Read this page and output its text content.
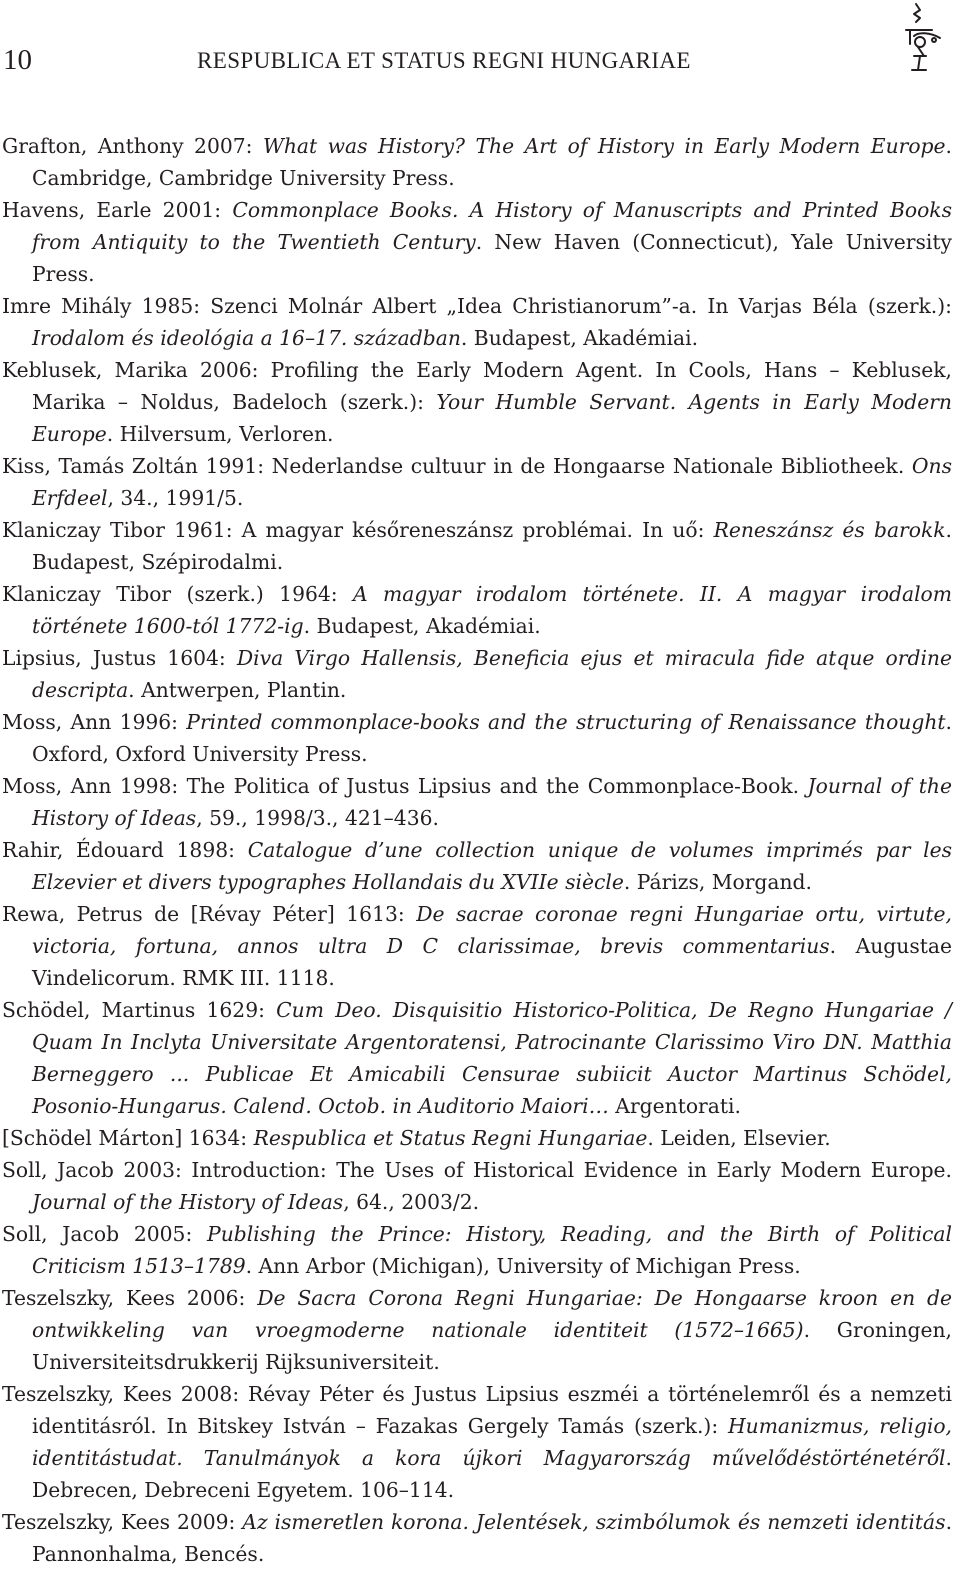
10	RESPUBLICA ET STATUS REGNI HUNGARIAE
Grafton, Anthony 2007: What was History? The Art of History in Early Modern Europe. Cambridge, Cambridge University Press.
Havens, Earle 2001: Commonplace Books. A History of Manuscripts and Printed Books from Antiquity to the Twentieth Century. New Haven (Connecticut), Yale University Press.
Imre Mihály 1985: Szenci Molnár Albert „Idea Christianorum”-a. In Varjas Béla (szerk.): Irodalom és ideológia a 16–17. században. Budapest, Akadémiai.
Keblusek, Marika 2006: Profiling the Early Modern Agent. In Cools, Hans – Keblusek, Marika – Noldus, Badeloch (szerk.): Your Humble Servant. Agents in Early Modern Europe. Hilversum, Verloren.
Kiss, Tamás Zoltán 1991: Nederlandse cultuur in de Hongaarse Nationale Bibliotheek. Ons Erfdeel, 34., 1991/5.
Klaniczay Tibor 1961: A magyar későreneszánsz problémai. In uő: Reneszánsz és barokk. Budapest, Szépirodalmi.
Klaniczay Tibor (szerk.) 1964: A magyar irodalom története. II. A magyar irodalom története 1600-tól 1772-ig. Budapest, Akadémiai.
Lipsius, Justus 1604: Diva Virgo Hallensis, Beneficia ejus et miracula fide atque ordine descripta. Antwerpen, Plantin.
Moss, Ann 1996: Printed commonplace-books and the structuring of Renaissance thought. Oxford, Oxford University Press.
Moss, Ann 1998: The Politica of Justus Lipsius and the Commonplace-Book. Journal of the History of Ideas, 59., 1998/3., 421–436.
Rahir, Édouard 1898: Catalogue d’une collection unique de volumes imprimés par les Elzevier et divers typographes Hollandais du XVIIe siècle. Párizs, Morgand.
Rewa, Petrus de [Révay Péter] 1613: De sacrae coronae regni Hungariae ortu, virtute, victoria, fortuna, annos ultra D C clarissimae, brevis commentarius. Augustae Vindelicorum. RMK III. 1118.
Schödel, Martinus 1629: Cum Deo. Disquisitio Historico-Politica, De Regno Hungariae / Quam In Inclyta Universitate Argentoratensi, Patrocinante Clarissimo Viro DN. Matthia Berneggero ... Publicae Et Amicabili Censurae subiicit Auctor Martinus Schödel, Posonio-Hungarus. Calend. Octob. in Auditorio Maiori… Argentorati.
[Schödel Márton] 1634: Respublica et Status Regni Hungariae. Leiden, Elsevier.
Soll, Jacob 2003: Introduction: The Uses of Historical Evidence in Early Modern Europe. Journal of the History of Ideas, 64., 2003/2.
Soll, Jacob 2005: Publishing the Prince: History, Reading, and the Birth of Political Criticism 1513–1789. Ann Arbor (Michigan), University of Michigan Press.
Teszelszky, Kees 2006: De Sacra Corona Regni Hungariae: De Hongaarse kroon en de ontwikkeling van vroegmoderne nationale identiteit (1572–1665). Groningen, Universiteitsdrukkerij Rijksuniversiteit.
Teszelszky, Kees 2008: Révay Péter és Justus Lipsius eszméi a történelemről és a nemzeti identitásról. In Bitskey István – Fazakas Gergely Tamás (szerk.): Humanizmus, religio, identitástudat. Tanulmányok a kora újkori Magyarország művelődéstörténetéről. Debrecen, Debreceni Egyetem. 106–114.
Teszelszky, Kees 2009: Az ismeretlen korona. Jelentések, szimbólumok és nemzeti identitás. Pannonhalma, Bencés.
